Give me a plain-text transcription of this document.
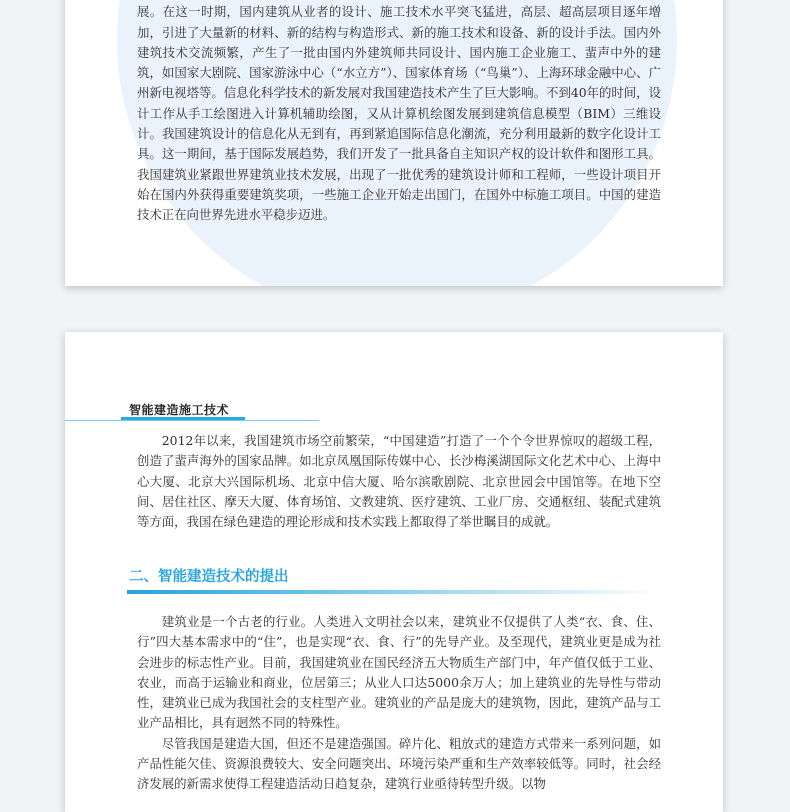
展。在这一时期，国内建筑从业者的设计、施工技术水平突飞猛进，高层、超高层项目逐年增加，引进了大量新的材料、新的结构与构造形式、新的施工技术和设备、新的设计手法。国内外建筑技术交流频繁，产生了一批由国内外建筑师共同设计、国内施工企业施工、蜚声中外的建筑，如国家大剧院、国家游泳中心（“水立方”）、国家体育场（“鸟巢”）、上海环球金融中心、广州新电视塔等。信息化科学技术的新发展对我国建造技术产生了巨大影响。不到40年的时间，设计工作从手工绘图进入计算机辅助绘图，又从计算机绘图发展到建筑信息模型（BIM）三维设计。我国建筑设计的信息化从无到有，再到紧追国际信息化潮流，充分利用最新的数字化设计工具。这一期间，基于国际发展趋势，我们开发了一批具备自主知识产权的设计软件和图形工具。我国建筑业紧跟世界建筑业技术发展，出现了一批优秀的建筑设计师和工程师，一些设计项目开始在国内外获得重要建筑奖项，一些施工企业开始走出国门，在国外中标施工项目。中国的建造技术正在向世界先进水平稳步迈进。

智能建造施工技术

2012年以来，我国建筑市场空前繁荣，“中国建造”打造了一个个令世界惊叹的超级工程，创造了蜚声海外的国家品牌。如北京凤凰国际传媒中心、长沙梅溪湖国际文化艺术中心、上海中心大厦、北京大兴国际机场、北京中信大厦、哈尔滨歌剧院、北京世园会中国馆等。在地下空间、居住社区、摩天大厦、体育场馆、文教建筑、医疗建筑、工业厂房、交通枢纽、装配式建筑等方面，我国在绿色建造的理论形成和技术实践上都取得了举世瞩目的成就。

二、智能建造技术的提出

建筑业是一个古老的行业。人类进入文明社会以来，建筑业不仅提供了人类“衣、食、住、行”四大基本需求中的“住”，也是实现“衣、食、行”的先导产业。及至现代，建筑业更是成为社会进步的标志性产业。目前，我国建筑业在国民经济五大物质生产部门中，年产值仅低于工业、农业，而高于运输业和商业，位居第三；从业人口达5000余万人；加上建筑业的先导性与带动性，建筑业已成为我国社会的支柱型产业。建筑业的产品是庞大的建筑物，因此，建筑产品与工业产品相比，具有迥然不同的特殊性。

尽管我国是建造大国，但还不是建造强国。碎片化、粗放式的建造方式带来一系列问题，如产品性能欠佳、资源浪费较大、安全问题突出、环境污染严重和生产效率较低等。同时，社会经济发展的新需求使得工程建造活动日趋复杂，建筑行业亟待转型升级。以物
